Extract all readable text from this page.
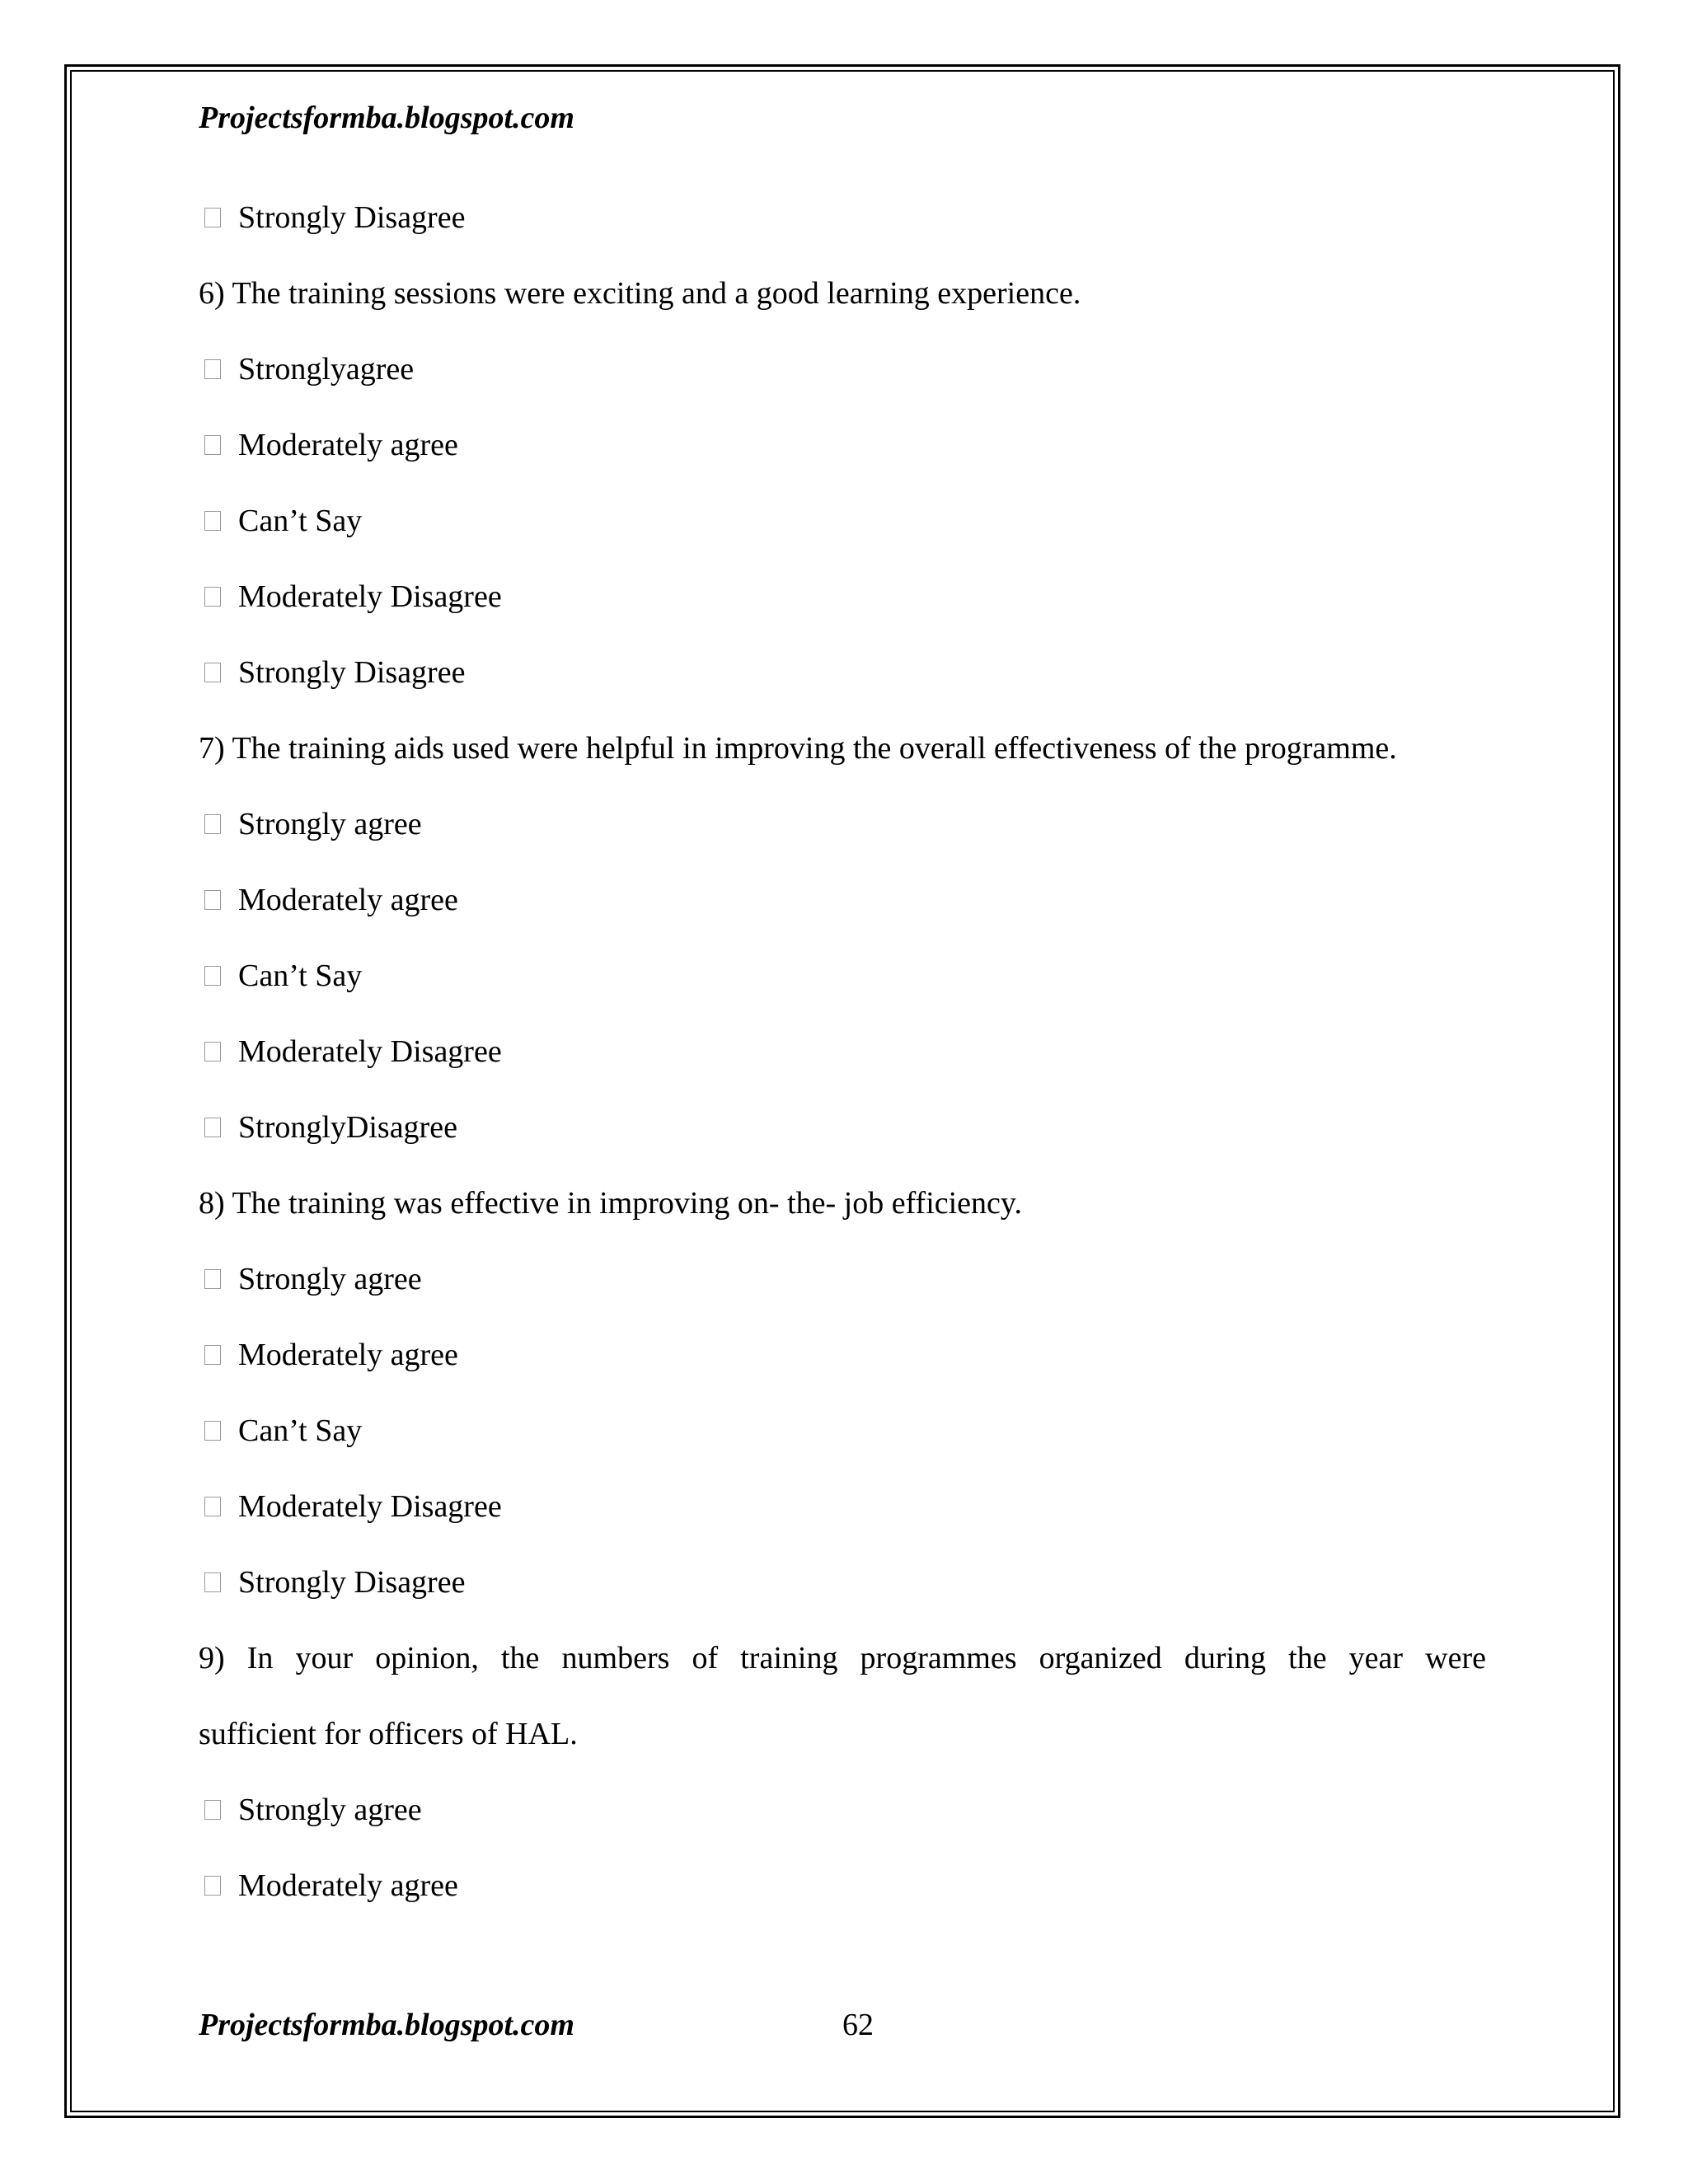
Projectsformba.blogspot.com
Strongly Disagree
6) The training sessions were exciting and a good learning experience.
Stronglyagree
Moderately agree
Can’t Say
Moderately Disagree
Strongly Disagree
7) The training aids used were helpful in improving the overall effectiveness of the programme.
Strongly agree
Moderately agree
Can’t Say
Moderately Disagree
StronglyDisagree
8) The training was effective in improving on- the- job efficiency.
Strongly agree
Moderately agree
Can’t Say
Moderately Disagree
Strongly Disagree
9) In your opinion, the numbers of training programmes organized during the year were
sufficient for officers of HAL.
Strongly agree
Moderately agree
Projectsformba.blogspot.com	62
